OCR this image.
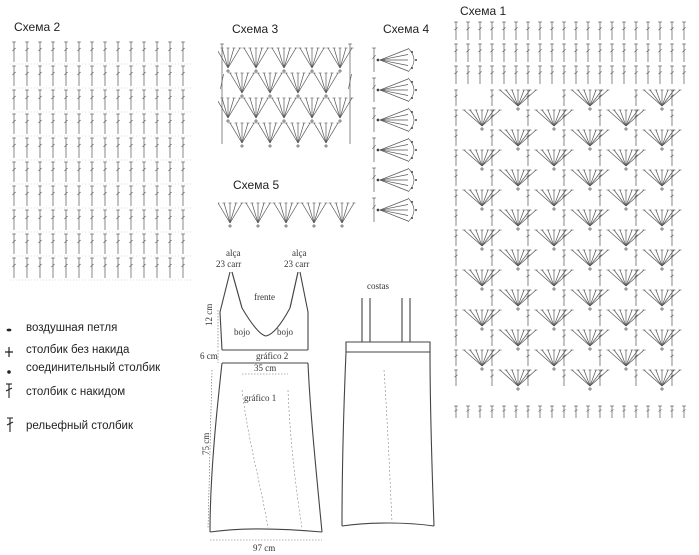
Схема 2	Схема 3	Схема 4
Схема 1
Схема 5
воздушная петля
столбик без накида
соединительный столбик
столбик с накидом
рельефный столбик
alça
23 carr
alça
23 carr
frente
bojo	bojo
gráfico 2
35 cm
gráfico 1
6 cm
97 cm
12 cm
75 cm
costas
